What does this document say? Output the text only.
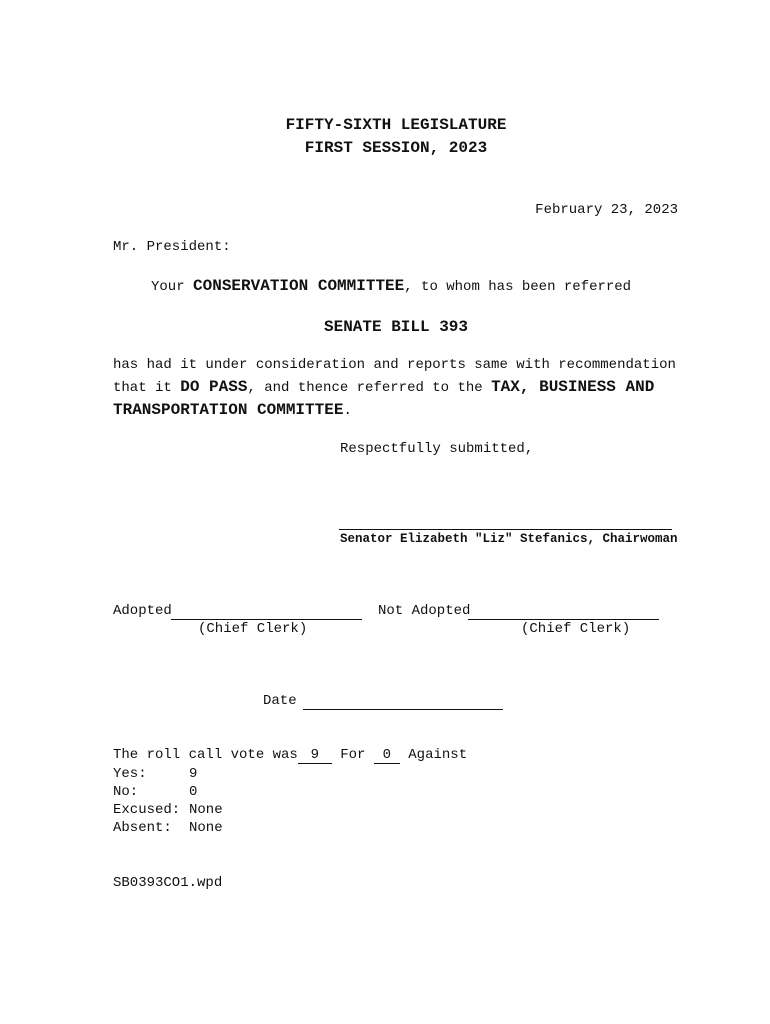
FIFTY-SIXTH LEGISLATURE
FIRST SESSION, 2023
February 23, 2023
Mr. President:
Your CONSERVATION COMMITTEE, to whom has been referred
SENATE BILL 393
has had it under consideration and reports same with recommendation
that it DO PASS, and thence referred to the TAX, BUSINESS AND
TRANSPORTATION COMMITTEE.
Respectfully submitted,
Senator Elizabeth "Liz" Stefanics, Chairwoman
Adopted
(Chief Clerk)
Not Adopted
(Chief Clerk)
Date
The roll call vote was 9 For 0 Against
Yes:	9
No:	0
Excused: None
Absent: None
SB0393CO1.wpd
